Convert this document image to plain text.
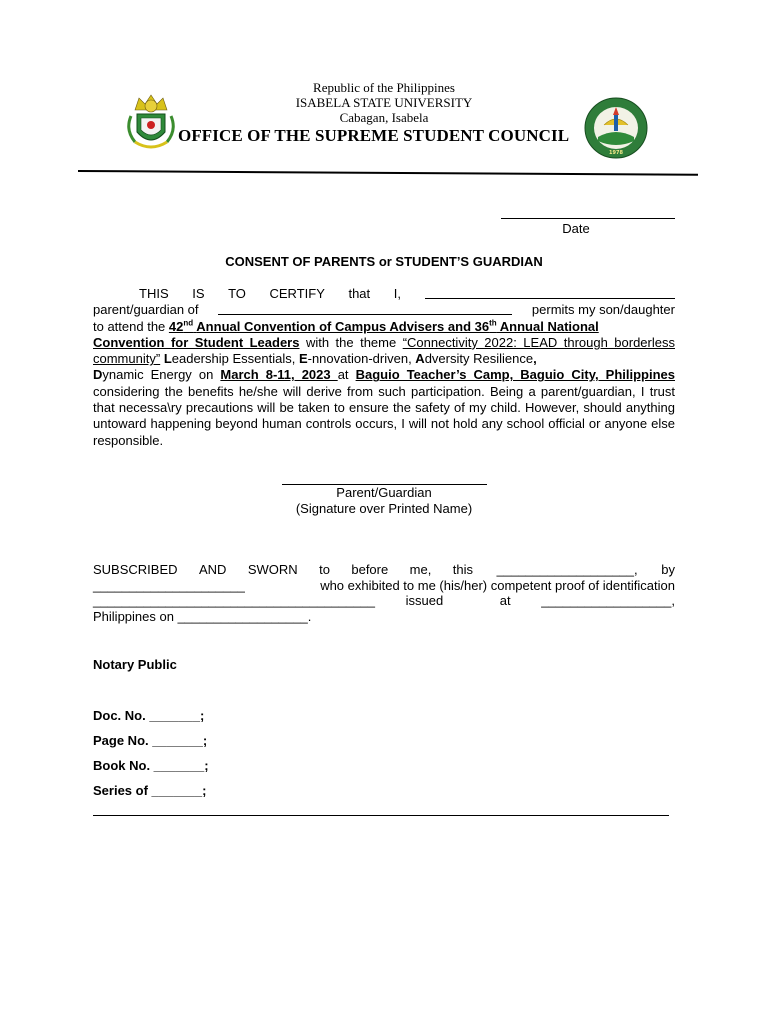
Republic of the Philippines
ISABELA STATE UNIVERSITY
Cabagan, Isabela
OFFICE OF THE SUPREME STUDENT COUNCIL
1978
Date
CONSENT OF PARENTS or STUDENT’S GUARDIAN
THIS IS TO CERTIFY that I,
parent/guardian of	permits my son/daughter
to attend the 42nd Annual Convention of Campus Advisers and 36th Annual National
Convention for Student Leaders with the theme “Connectivity 2022: LEAD through borderless community” Leadership Essentials, E-nnovation-driven, Adversity Resilience,
Dynamic Energy on March 8-11, 2023 at Baguio Teacher’s Camp, Baguio City, Philippines considering the benefits he/she will derive from such participation. Being a parent/guardian, I trust that necessa\ry precautions will be taken to ensure the safety of my child. However, should anything untoward happening beyond human controls occurs, I will not hold any school official or anyone else responsible.
Parent/Guardian
(Signature over Printed Name)
SUBSCRIBED AND SWORN to before me, this ___________________, by
_____________________	who exhibited to me (his/her) competent proof of identification
_______________________________________ issued	at __________________,
Philippines on __________________.
Notary Public
Doc. No. _______;
Page No. _______;
Book No. _______;
Series of _______;
